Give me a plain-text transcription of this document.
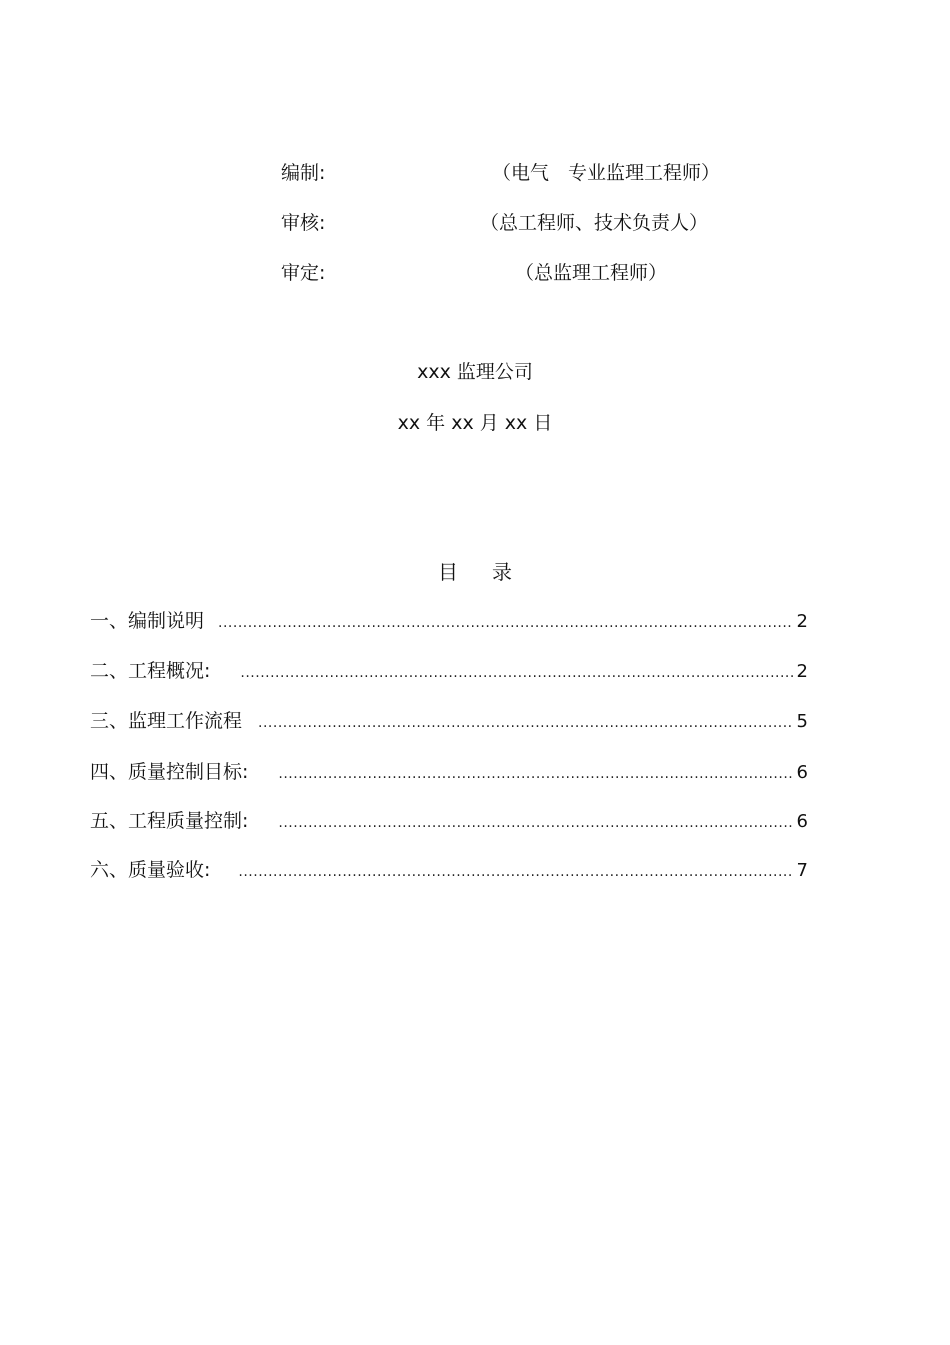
编制:	（电气　专业监理工程师）
审核:	（总工程师、技术负责人）
审定:	（总监理工程师）
xxx 监理公司
xx 年 xx 月 xx 日
目录
一、编制说明 .....	2
二、工程概况: .....	2
三、监理工作流程 .....	5
四、质量控制目标: .....	6
五、工程质量控制: .....	6
六、质量验收: .....	7
